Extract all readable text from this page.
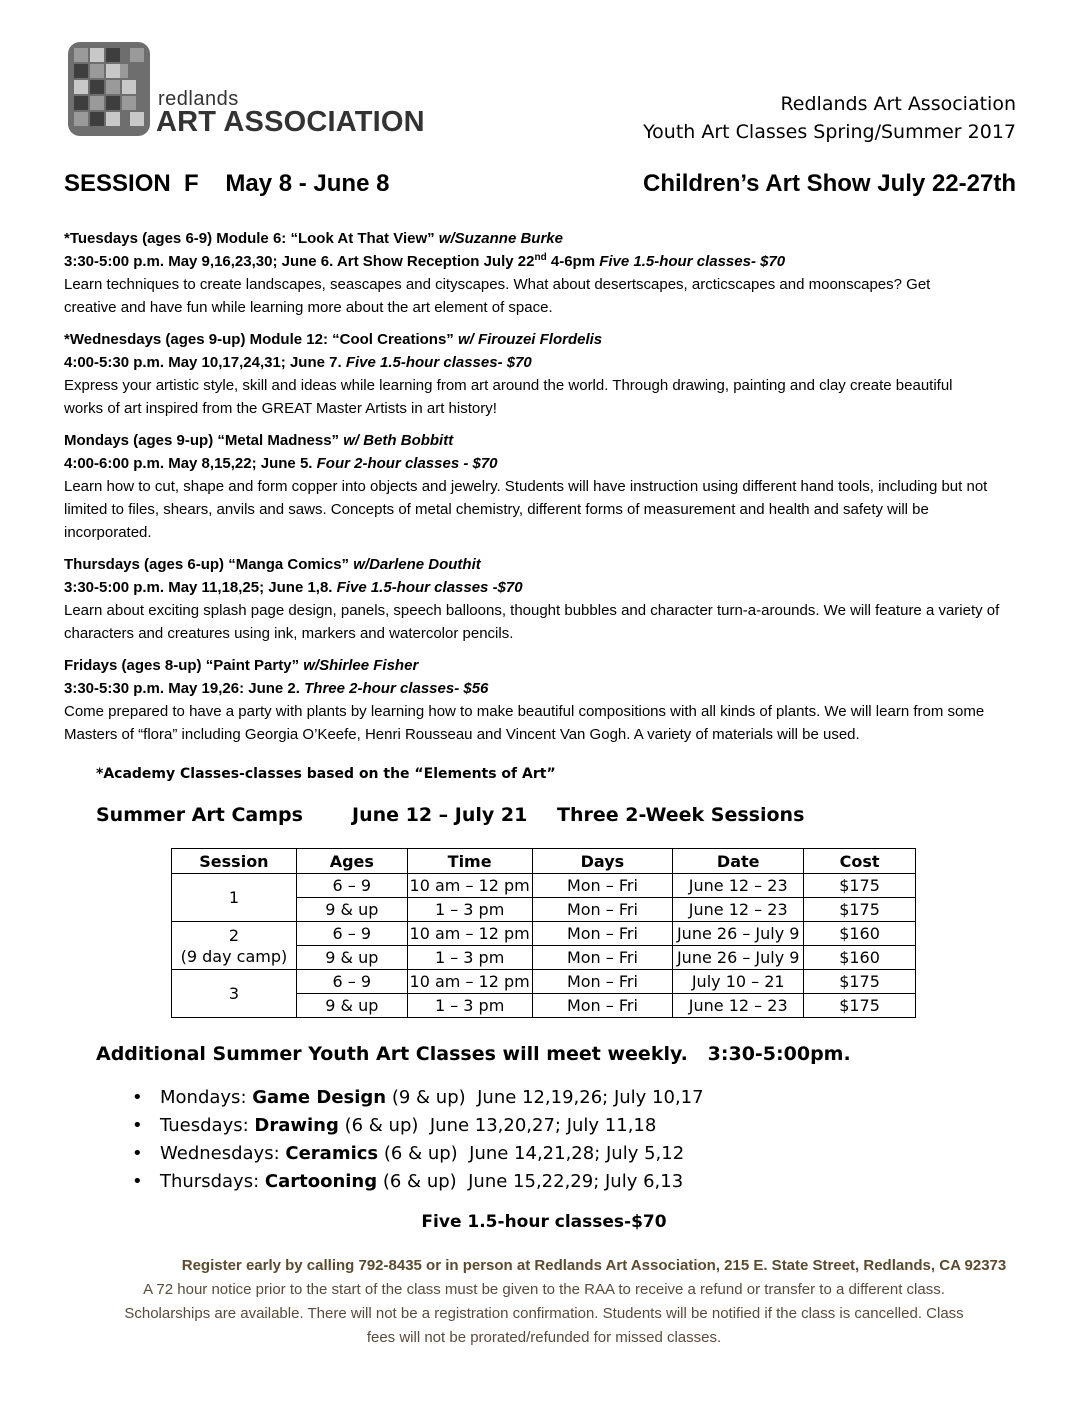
redlands
ART ASSOCIATION
Redlands Art Association
Youth Art Classes Spring/Summer 2017
SESSION  F    May 8 - June 8	Children’s Art Show July 22-27th

*Tuesdays (ages 6-9) Module 6: “Look At That View” w/Suzanne Burke

3:30-5:00 p.m. May 9,16,23,30; June 6. Art Show Reception July 22nd 4-6pm Five 1.5-hour classes- $70

Learn techniques to create landscapes, seascapes and cityscapes. What about desertscapes, arcticscapes and moonscapes? Get creative and have fun while learning more about the art element of space.

*Wednesdays (ages 9-up) Module 12: “Cool Creations” w/ Firouzei Flordelis

4:00-5:30 p.m. May 10,17,24,31; June 7. Five 1.5-hour classes- $70

Express your artistic style, skill and ideas while learning from art around the world. Through drawing, painting and clay create beautiful works of art inspired from the GREAT Master Artists in art history!

Mondays (ages 9-up) “Metal Madness” w/ Beth Bobbitt

4:00-6:00 p.m. May 8,15,22; June 5. Four 2-hour classes - $70

Learn how to cut, shape and form copper into objects and jewelry. Students will have instruction using different hand tools, including but not limited to files, shears, anvils and saws. Concepts of metal chemistry, different forms of measurement and health and safety will be incorporated.

Thursdays (ages 6-up) “Manga Comics” w/Darlene Douthit

3:30-5:00 p.m. May 11,18,25; June 1,8. Five 1.5-hour classes -$70

Learn about exciting splash page design, panels, speech balloons, thought bubbles and character turn-a-arounds. We will feature a variety of characters and creatures using ink, markers and watercolor pencils.

Fridays (ages 8-up) “Paint Party” w/Shirlee Fisher

3:30-5:30 p.m. May 19,26: June 2. Three 2-hour classes- $56

Come prepared to have a party with plants by learning how to make beautiful compositions with all kinds of plants. We will learn from some Masters of “flora” including Georgia O’Keefe, Henri Rousseau and Vincent Van Gogh. A variety of materials will be used.

*Academy Classes-classes based on the “Elements of Art”
Summer Art Camps	June 12 – July 21 Three 2-Week Sessions
Session	Ages	Time	Days	Date	Cost
1	6 – 9	10 am – 12 pm	Mon – Fri	June 12 – 23	$175
	9 & up	1 – 3 pm	Mon – Fri	June 12 – 23	$175

2
(9 day camp)	6 – 9	10 am – 12 pm	Mon – Fri	June 26 – July 9	$160
	9 & up	1 – 3 pm	Mon – Fri	June 26 – July 9	$160
3	6 – 9	10 am – 12 pm	Mon – Fri	July 10 – 21	$175
	9 & up	1 – 3 pm	Mon – Fri	June 12 – 23	$175
Additional Summer Youth Art Classes will meet weekly.   3:30-5:00pm.
• Mondays: Game Design (9 & up)  June 12,19,26; July 10,17
• Tuesdays: Drawing (6 & up)  June 13,20,27; July 11,18
• Wednesdays: Ceramics (6 & up)  June 14,21,28; July 5,12
• Thursdays: Cartooning (6 & up)  June 15,22,29; July 6,13
Five 1.5-hour classes-$70
Register early by calling 792-8435 or in person at Redlands Art Association, 215 E. State Street, Redlands, CA 92373
A 72 hour notice prior to the start of the class must be given to the RAA to receive a refund or transfer to a different class.
Scholarships are available. There will not be a registration confirmation. Students will be notified if the class is cancelled. Class
fees will not be prorated/refunded for missed classes.
